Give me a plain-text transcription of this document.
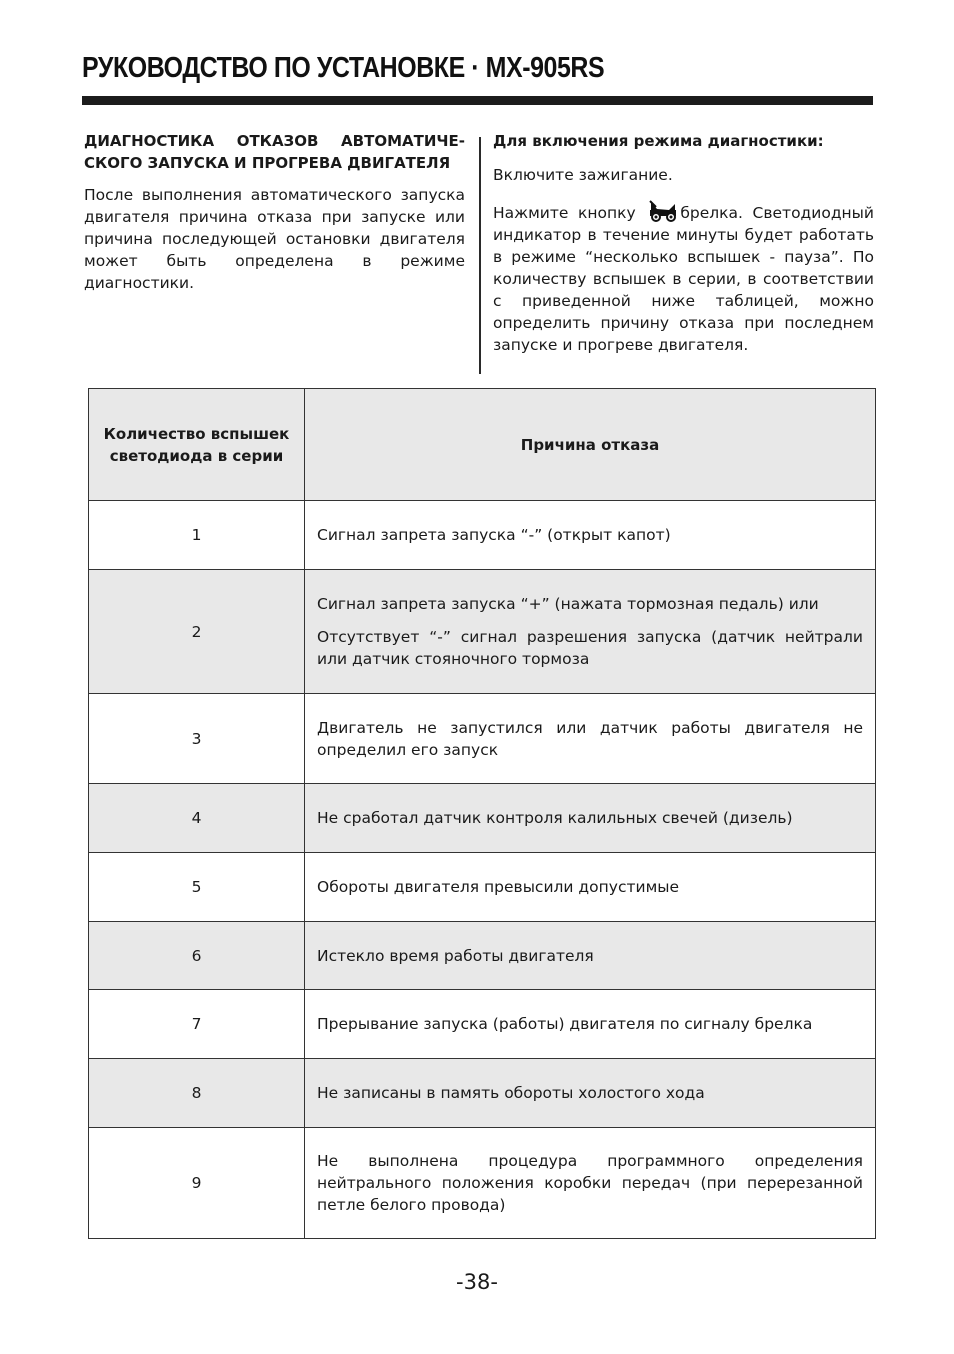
РУКОВОДСТВО ПО УСТАНОВКЕ · MX-905RS

ДИАГНОСТИКА ОТКАЗОВ АВТОМАТИЧЕ-СКОГО ЗАПУСКА И ПРОГРЕВА ДВИГАТЕЛЯ

После выполнения автоматического запуска двигателя причина отказа при запуске или причина последующей остановки двигателя может быть определена в режиме диагностики.

Для включения режима диагностики:

Включите зажигание.

Нажмите кнопку	брелка. Светодиодный индикатор в течение минуты будет работать в режиме “несколько вспышек - пауза”. По количеству вспышек в серии, в соответствии с приведенной ниже таблицей, можно определить причину отказа при последнем запуске и прогреве двигателя.

Количество вспышек светодиода в серии	Причина отказа
1	Сигнал запрета запуска “-” (открыт капот)

2	Сигнал запрета запуска “+” (нажата тормозная педаль) или

Отсутствует “-” сигнал разрешения запуска (датчик нейтрали или датчик стояночного тормоза

3	Двигатель не запустился или датчик работы двигателя не определил его запуск

4	Не сработал датчик контроля калильных свечей (дизель)

5	Обороты двигателя превысили допустимые

6	Истекло время работы двигателя

7	Прерывание запуска (работы) двигателя по сигналу брелка

8	Не записаны в память обороты холостого хода

9	Не выполнена процедура программного определения нейтрального положения коробки передач (при перерезанной петле белого провода)

-38-
